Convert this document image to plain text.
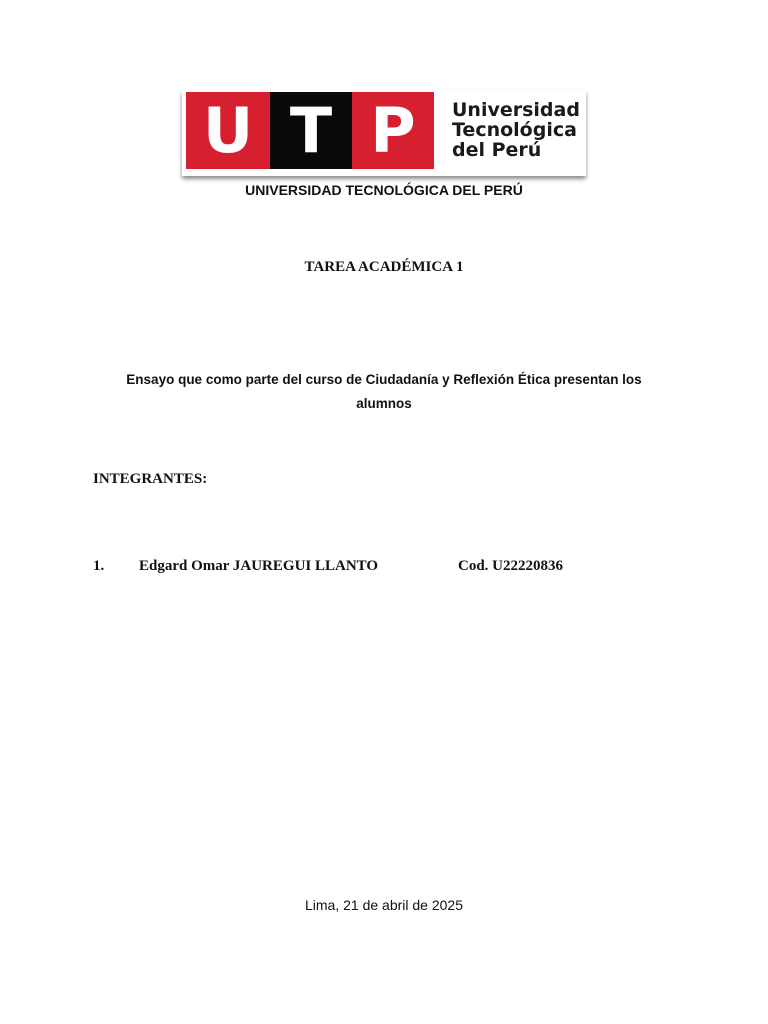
U T P	Universidad
Tecnológica
del Perú
UNIVERSIDAD TECNOLÓGICA DEL PERÚ
TAREA ACADÉMICA 1
Ensayo que como parte del curso de Ciudadanía y Reflexión Ética presentan los alumnos
INTEGRANTES:
1. Edgard Omar JAUREGUI LLANTO	Cod. U22220836
Lima, 21 de abril de 2025
